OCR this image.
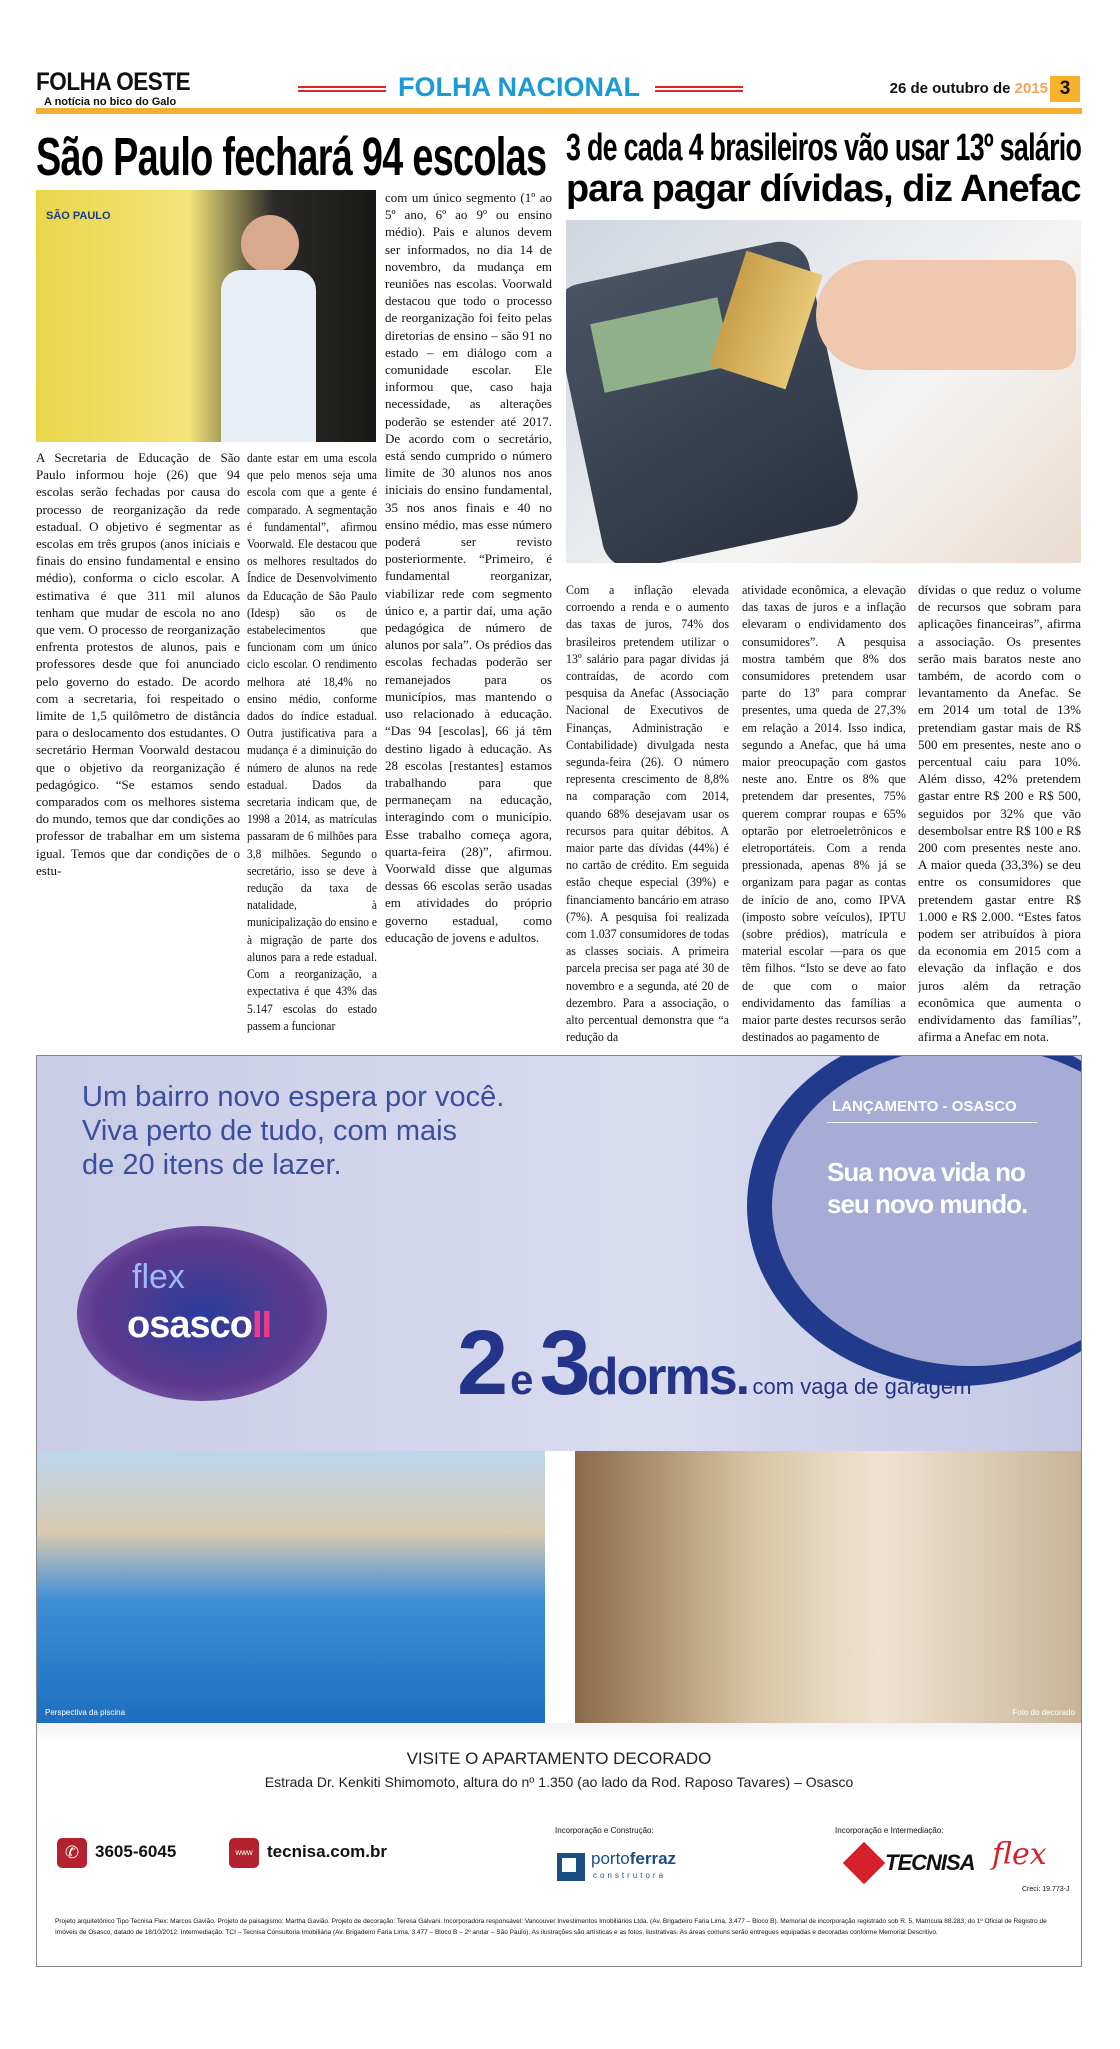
FOLHA OESTE
A notícia no bico do Galo	FOLHA NACIONAL	26 de outubro de 2015 3
São Paulo fechará 94 escolas
SÃO PAULO
A Secretaria de Educação de São Paulo informou hoje (26) que 94 escolas serão fechadas por causa do processo de reorganização da rede estadual. O objetivo é segmentar as escolas em três grupos (anos iniciais e finais do ensino fundamental e ensino médio), conforma o ciclo escolar. A estimativa é que 311 mil alunos tenham que mudar de escola no ano que vem. O processo de reorganização enfrenta protestos de alunos, pais e professores desde que foi anunciado pelo governo do estado. De acordo com a secretaria, foi respeitado o limite de 1,5 quilômetro de distância para o deslocamento dos estudantes. O secretário Herman Voorwald destacou que o objetivo da reorganização é pedagógico. “Se estamos sendo comparados com os melhores sistema do mundo, temos que dar condições ao professor de trabalhar em um sistema igual. Temos que dar condições de o estu-
dante estar em uma escola que pelo menos seja uma escola com que a gente é comparado. A segmentação é fundamental”, afirmou Voorwald. Ele destacou que os melhores resultados do Índice de Desenvolvimento da Educação de São Paulo (Idesp) são os de estabelecimentos que funcionam com um único ciclo escolar. O rendimento melhora até 18,4% no ensino médio, conforme dados do índice estadual. Outra justificativa para a mudança é a diminuição do número de alunos na rede estadual. Dados da secretaria indicam que, de 1998 a 2014, as matrículas passaram de 6 milhões para 3,8 milhões. Segundo o secretário, isso se deve à redução da taxa de natalidade, à municipalização do ensino e à migração de parte dos alunos para a rede estadual. Com a reorganização, a expectativa é que 43% das 5.147 escolas do estado passem a funcionar
com um único segmento (1º ao 5º ano, 6º ao 9º ou ensino médio). Pais e alunos devem ser informados, no dia 14 de novembro, da mudança em reuniões nas escolas. Voorwald destacou que todo o processo de reorganização foi feito pelas diretorias de ensino – são 91 no estado – em diálogo com a comunidade escolar. Ele informou que, caso haja necessidade, as alterações poderão se estender até 2017. De acordo com o secretário, está sendo cumprido o número limite de 30 alunos nos anos iniciais do ensino fundamental, 35 nos anos finais e 40 no ensino médio, mas esse número poderá ser revisto posteriormente. “Primeiro, é fundamental reorganizar, viabilizar rede com segmento único e, a partir daí, uma ação pedagógica de número de alunos por sala”. Os prédios das escolas fechadas poderão ser remanejados para os municípios, mas mantendo o uso relacionado à educação. “Das 94 [escolas], 66 já têm destino ligado à educação. As 28 escolas [restantes] estamos trabalhando para que permaneçam na educação, interagindo com o município. Esse trabalho começa agora, quarta-feira (28)”, afirmou. Voorwald disse que algumas dessas 66 escolas serão usadas em atividades do próprio governo estadual, como educação de jovens e adultos.
3 de cada 4 brasileiros vão usar 13º salário
para pagar dívidas, diz Anefac
Com a inflação elevada corroendo a renda e o aumento das taxas de juros, 74% dos brasileiros pretendem utilizar o 13º salário para pagar dívidas já contraídas, de acordo com pesquisa da Anefac (Associação Nacional de Executivos de Finanças, Administração e Contabilidade) divulgada nesta segunda-feira (26). O número representa crescimento de 8,8% na comparação com 2014, quando 68% desejavam usar os recursos para quitar débitos. A maior parte das dívidas (44%) é no cartão de crédito. Em seguida estão cheque especial (39%) e financiamento bancário em atraso (7%). A pesquisa foi realizada com 1.037 consumidores de todas as classes sociais. A primeira parcela precisa ser paga até 30 de novembro e a segunda, até 20 de dezembro. Para a associação, o alto percentual demonstra que “a redução da
atividade econômica, a elevação das taxas de juros e a inflação elevaram o endividamento dos consumidores”. A pesquisa mostra também que 8% dos consumidores pretendem usar parte do 13º para comprar presentes, uma queda de 27,3% em relação a 2014. Isso indica, segundo a Anefac, que há uma maior preocupação com gastos neste ano. Entre os 8% que pretendem dar presentes, 75% querem comprar roupas e 65% optarão por eletroeletrônicos e eletroportáteis. Com a renda pressionada, apenas 8% já se organizam para pagar as contas de início de ano, como IPVA (imposto sobre veículos), IPTU (sobre prédios), matrícula e material escolar —para os que têm filhos. “Isto se deve ao fato de que com o maior endividamento das famílias a maior parte destes recursos serão destinados ao pagamento de
dívidas o que reduz o volume de recursos que sobram para aplicações financeiras”, afirma a associação. Os presentes serão mais baratos neste ano também, de acordo com o levantamento da Anefac. Se em 2014 um total de 13% pretendiam gastar mais de R$ 500 em presentes, neste ano o percentual caiu para 10%. Além disso, 42% pretendem gastar entre R$ 200 e R$ 500, seguidos por 32% que vão desembolsar entre R$ 100 e R$ 200 com presentes neste ano. A maior queda (33,3%) se deu entre os consumidores que pretendem gastar entre R$ 1.000 e R$ 2.000. “Estes fatos podem ser atribuídos à piora da economia em 2015 com a elevação da inflação e dos juros além da retração econômica que aumenta o endividamento das famílias”, afirma a Anefac em nota.
Um bairro novo espera por você.
Viva perto de tudo, com mais
de 20 itens de lazer.
LANÇAMENTO - OSASCO
Sua nova vida no
seu novo mundo.
flex
osascoII 2 e3dorms. com vaga de garagem
Perspectiva da piscina	Foto do decorado
VISITE O APARTAMENTO DECORADO
Estrada Dr. Kenkiti Shimomoto, altura do nº 1.350 (ao lado da Rod. Raposo Tavares) – Osasco
✆ 3605-6045	www tecnisa.com.br
Incorporação e Construção:
portoferraz
construtora
Incorporação e Intermediação:
TECNISA flex
Creci: 19.773-J
Projeto arquitetônico Tipo Tecnisa Flex: Marcos Gavião. Projeto de paisagismo: Martha Gavião. Projeto de decoração: Teresa Galvani. Incorporadora responsável: Vancouver Investimentos Imobiliários Ltda. (Av. Brigadeiro Faria Lima, 3.477 – Bloco B). Memorial de incorporação registrado sob R. 5, Matrícula 88.283, do 1º Oficial de Registro de Imóveis de Osasco, datado de 18/10/2012. Intermediação: TCI – Tecnisa Consultoria Imobiliária (Av. Brigadeiro Faria Lima, 3.477 – Bloco B – 2º andar – São Paulo). As ilustrações são artísticas e as fotos, ilustrativas. As áreas comuns serão entregues equipadas e decoradas conforme Memorial Descritivo.
